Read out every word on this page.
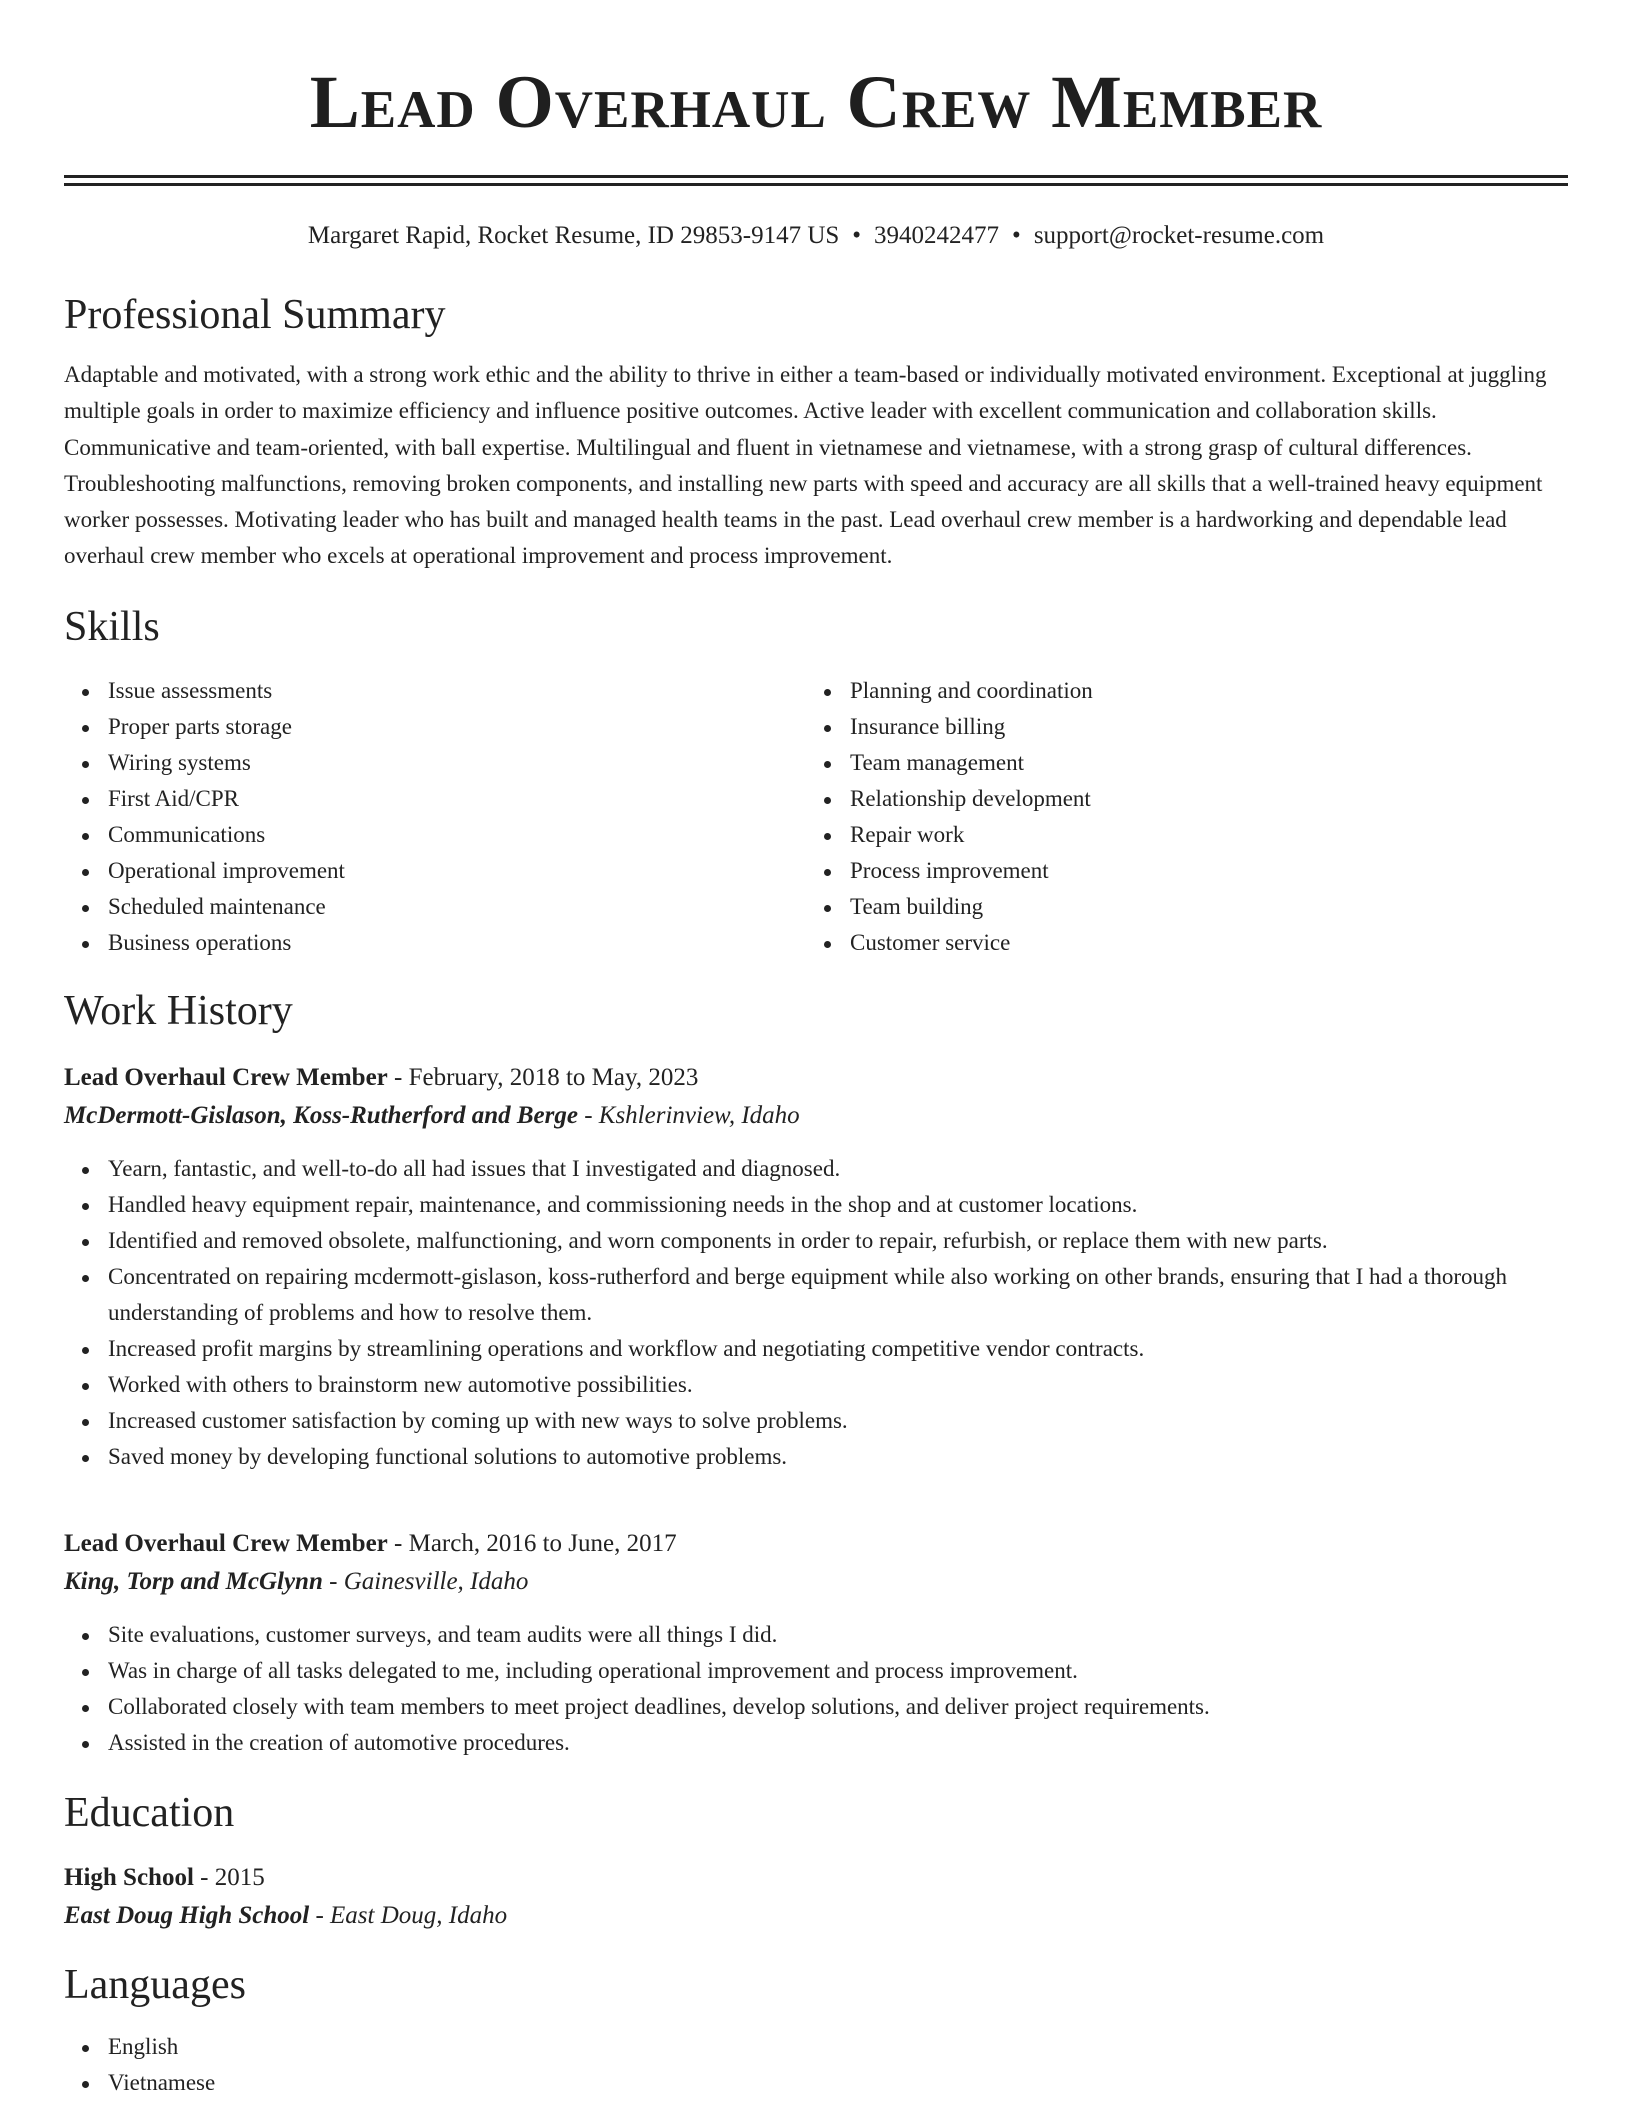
Lead Overhaul Crew Member
Margaret Rapid, Rocket Resume, ID 29853-9147 US • 3940242477 • support@rocket-resume.com
Professional Summary

Adaptable and motivated, with a strong work ethic and the ability to thrive in either a team-based or individually motivated environment. Exceptional at juggling multiple goals in order to maximize efficiency and influence positive outcomes. Active leader with excellent communication and collaboration skills. Communicative and team-oriented, with ball expertise. Multilingual and fluent in vietnamese and vietnamese, with a strong grasp of cultural differences. Troubleshooting malfunctions, removing broken components, and installing new parts with speed and accuracy are all skills that a well-trained heavy equipment worker possesses. Motivating leader who has built and managed health teams in the past. Lead overhaul crew member is a hardworking and dependable lead overhaul crew member who excels at operational improvement and process improvement.

Skills
Issue assessments
Proper parts storage
Wiring systems
First Aid/CPR
Communications
Operational improvement
Scheduled maintenance
Business operations
Planning and coordination
Insurance billing
Team management
Relationship development
Repair work
Process improvement
Team building
Customer service
Work History
Lead Overhaul Crew Member - February, 2018 to May, 2023
McDermott-Gislason, Koss-Rutherford and Berge - Kshlerinview, Idaho
Yearn, fantastic, and well-to-do all had issues that I investigated and diagnosed.
Handled heavy equipment repair, maintenance, and commissioning needs in the shop and at customer locations.
Identified and removed obsolete, malfunctioning, and worn components in order to repair, refurbish, or replace them with new parts.
Concentrated on repairing mcdermott-gislason, koss-rutherford and berge equipment while also working on other brands, ensuring that I had a thorough understanding of problems and how to resolve them.
Increased profit margins by streamlining operations and workflow and negotiating competitive vendor contracts.
Worked with others to brainstorm new automotive possibilities.
Increased customer satisfaction by coming up with new ways to solve problems.
Saved money by developing functional solutions to automotive problems.
Lead Overhaul Crew Member - March, 2016 to June, 2017
King, Torp and McGlynn - Gainesville, Idaho
Site evaluations, customer surveys, and team audits were all things I did.
Was in charge of all tasks delegated to me, including operational improvement and process improvement.
Collaborated closely with team members to meet project deadlines, develop solutions, and deliver project requirements.
Assisted in the creation of automotive procedures.
Education
High School - 2015
East Doug High School - East Doug, Idaho
Languages
English
Vietnamese
